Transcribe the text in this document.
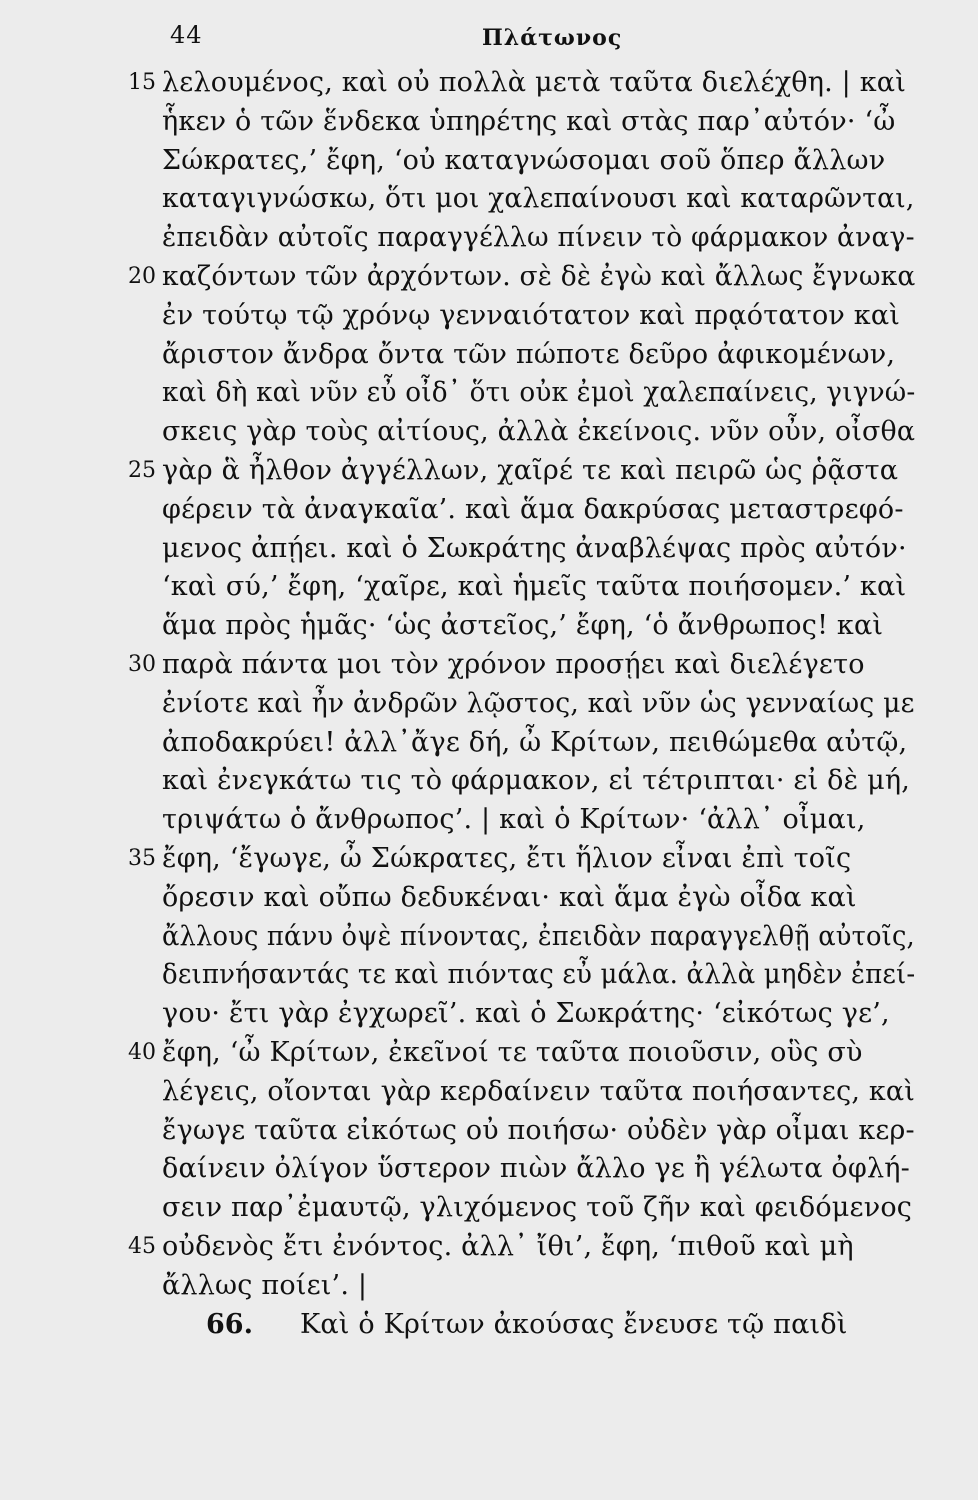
44	Πλάτωνος
15 λελουμένος, καὶ οὐ πολλὰ μετὰ ταῦτα διελέχθη. | καὶ
ἧκεν ὁ τῶν ἕνδεκα ὑπηρέτης καὶ στὰς παρ᾽αὐτόν· ‘ὦ
Σώκρατες,’ ἔφη, ‘οὐ καταγνώσομαι σοῦ ὅπερ ἄλλων
καταγιγνώσκω, ὅτι μοι χαλεπαίνουσι καὶ καταρῶνται,
ἐπειδὰν αὐτοῖς παραγγέλλω πίνειν τὸ φάρμακον ἀναγ-
20 καζόντων τῶν ἀρχόντων. σὲ δὲ ἐγὼ καὶ ἄλλως ἔγνωκα
ἐν τούτῳ τῷ χρόνῳ γενναιότατον καὶ πρᾳότατον καὶ
ἄριστον ἄνδρα ὄντα τῶν πώποτε δεῦρο ἀφικομένων,
καὶ δὴ καὶ νῦν εὖ οἶδ᾽ ὅτι οὐκ ἐμοὶ χαλεπαίνεις, γιγνώ-
σκεις γὰρ τοὺς αἰτίους, ἀλλὰ ἐκείνοις. νῦν οὖν, οἶσθα
25 γὰρ ἃ ἦλθον ἀγγέλλων, χαῖρέ τε καὶ πειρῶ ὡς ῥᾷστα
φέρειν τὰ ἀναγκαῖα’. καὶ ἅμα δακρύσας μεταστρεφό-
μενος ἀπῄει. καὶ ὁ Σωκράτης ἀναβλέψας πρὸς αὐτόν·
‘καὶ σύ,’ ἔφη, ‘χαῖρε, καὶ ἡμεῖς ταῦτα ποιήσομεν.’ καὶ
ἅμα πρὸς ἡμᾶς· ‘ὡς ἀστεῖος,’ ἔφη, ‘ὁ ἄνθρωπος! καὶ
30 παρὰ πάντα μοι τὸν χρόνον προσῄει καὶ διελέγετο
ἐνίοτε καὶ ἦν ἀνδρῶν λῷστος, καὶ νῦν ὡς γενναίως με
ἀποδακρύει! ἀλλ᾽ἄγε δή, ὦ Κρίτων, πειθώμεθα αὐτῷ,
καὶ ἐνεγκάτω τις τὸ φάρμακον, εἰ τέτριπται· εἰ δὲ μή,
τριψάτω ὁ ἄνθρωπος’. | καὶ ὁ Κρίτων· ‘ἀλλ᾽ οἶμαι,
35 ἔφη, ‘ἔγωγε, ὦ Σώκρατες, ἔτι ἥλιον εἶναι ἐπὶ τοῖς
ὄρεσιν καὶ οὔπω δεδυκέναι· καὶ ἅμα ἐγὼ οἶδα καὶ
ἄλλους πάνυ ὀψὲ πίνοντας, ἐπειδὰν παραγγελθῇ αὐτοῖς,
δειπνήσαντάς τε καὶ πιόντας εὖ μάλα. ἀλλὰ μηδὲν ἐπεί-
γου· ἔτι γὰρ ἐγχωρεῖ’. καὶ ὁ Σωκράτης· ‘εἰκότως γε’,
40 ἔφη, ‘ὦ Κρίτων, ἐκεῖνοί τε ταῦτα ποιοῦσιν, οὓς σὺ
λέγεις, οἴονται γὰρ κερδαίνειν ταῦτα ποιήσαντες, καὶ
ἔγωγε ταῦτα εἰκότως οὐ ποιήσω· οὐδὲν γὰρ οἶμαι κερ-
δαίνειν ὀλίγον ὕστερον πιὼν ἄλλο γε ἢ γέλωτα ὀφλή-
σειν παρ᾽ἐμαυτῷ, γλιχόμενος τοῦ ζῆν καὶ φειδόμενος
45 οὐδενὸς ἔτι ἐνόντος. ἀλλ᾽ ἴθι’, ἔφη, ‘πιθοῦ καὶ μὴ
ἄλλως ποίει’. |
66. Καὶ ὁ Κρίτων ἀκούσας ἔνευσε τῷ παιδὶ
